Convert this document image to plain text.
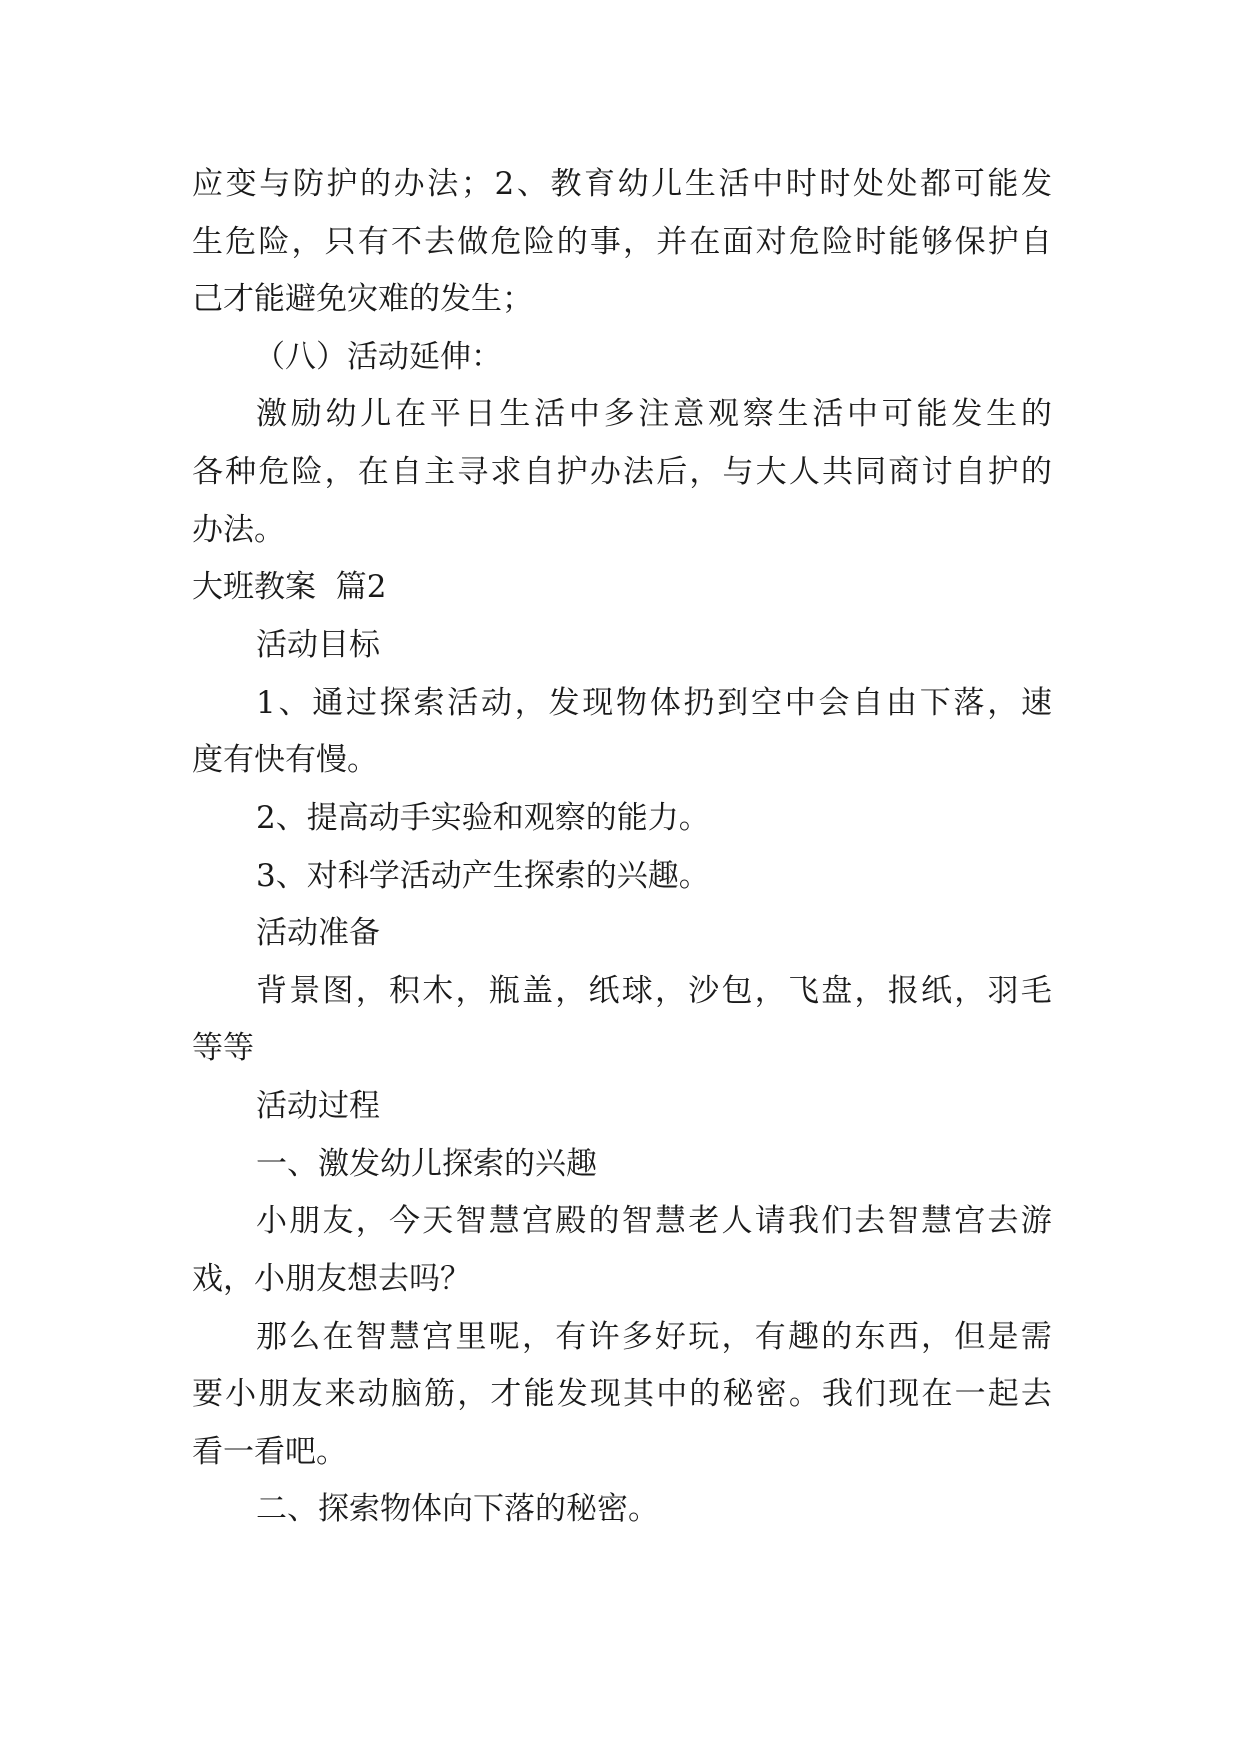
应 变 与 防 护 的 办 法 ； 2 、 教 育 幼 儿 生 活 中 时 时 处 处 都 可 能 发

生 危 险 ， 只 有 不 去 做 危 险 的 事 ， 并 在 面 对 危 险 时 能 够 保 护 自

己才能避免灾难的发生；

（八）活动延伸：

激 励 幼 儿 在 平 日 生 活 中 多 注 意 观 察 生 活 中 可 能 发 生 的

各 种 危 险 ， 在 自 主 寻 求 自 护 办 法 后 ， 与 大 人 共 同 商 讨 自 护 的

办法。

大班教案  篇2

活动目标

1 、 通 过 探 索 活 动 ， 发 现 物 体 扔 到 空 中 会 自 由 下 落 ， 速

度有快有慢。

2、提高动手实验和观察的能力。

3、对科学活动产生探索的兴趣。

活动准备

背 景 图 ， 积 木 ， 瓶 盖 ， 纸 球 ， 沙 包 ， 飞 盘 ， 报 纸 ， 羽 毛

等等

活动过程

一、激发幼儿探索的兴趣

小 朋 友 ， 今 天 智 慧 宫 殿 的 智 慧 老 人 请 我 们 去 智 慧 宫 去 游

戏，小朋友想去吗？

那 么 在 智 慧 宫 里 呢 ， 有 许 多 好 玩 ， 有 趣 的 东 西 ， 但 是 需

要 小 朋 友 来 动 脑 筋 ， 才 能 发 现 其 中 的 秘 密 。 我 们 现 在 一 起 去

看一看吧。

二、探索物体向下落的秘密。
